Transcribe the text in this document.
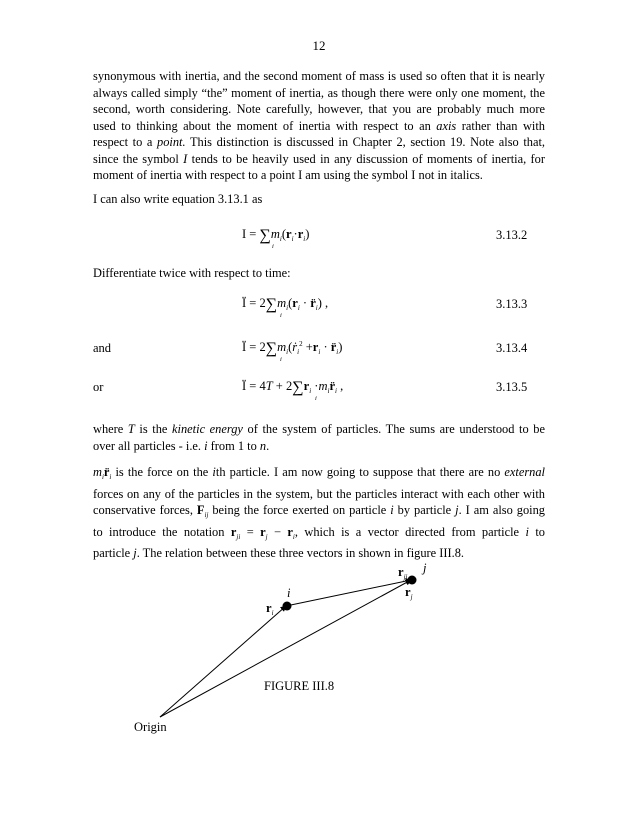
12
synonymous with inertia, and the second moment of mass is used so often that it is nearly
always called simply “the” moment of inertia, as though there were only one moment, the
second, worth considering. Note carefully, however, that you are probably much more
used to thinking about the moment of inertia with respect to an axis rather than with
respect to a point. This distinction is discussed in Chapter 2, section 19. Note also that,
since the symbol I tends to be heavily used in any discussion of moments of inertia, for
moment of inertia with respect to a point I am using the symbol I not in italics.
I can also write equation 3.13.1 as
I = ∑
i
$m_i(r_i\cdot r_i)$	3.13.2
Differentiate twice with respect to time:
Ï = 2∑
i
$m_i(r_i$ · $r̈_i$) ,	3.13.3
and	Ï = 2∑
i
$m_i(ṙ_i^2 +r_i$ · $r̈_i$)	3.13.4
or	Ï = 4T + 2∑
i
$r_i$ $\cdot m_ir̈_i$ ,	3.13.5
where T is the kinetic energy of the system of particles. The sums are understood to be
over all particles - i.e. i from 1 to n.
$m_ir̈_i$ is the force on the ith particle. I am now going to suppose that there are no external
forces on any of the particles in the system, but the particles interact with each other with
conservative forces, $F_{ij}$ being the force exerted on particle i by particle j. I am also going
to introduce the notation $r_{ji} = r_j - r_i$, which is a vector directed from particle i to
particle j. The relation between these three vectors in shown in figure III.8.
i
j
$r_i$
$r_j$
$r_{ji}$
Origin
FIGURE III.8
